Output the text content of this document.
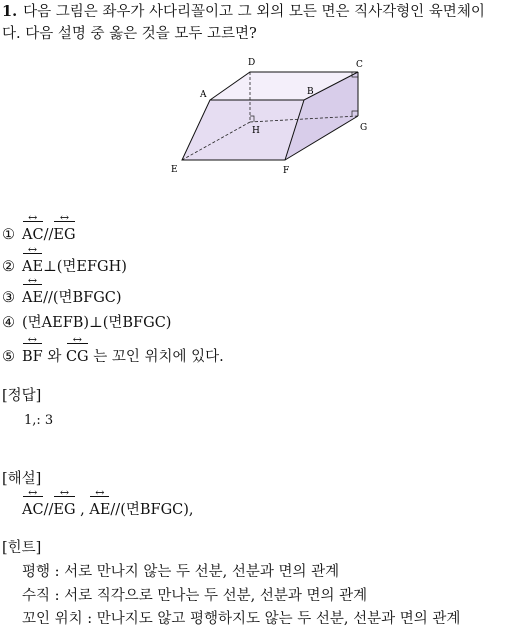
1. 다음 그림은 좌우가 사다리꼴이고 그 외의 모든 면은 직사각형인 육면체이
다. 다음 설명 중 옳은 것을 모두 고르면?
A
D	C
B
H	G
E	F
① AC ↔//EG ↔
② AE ↔⊥(면EFGH)
③ AE ↔//(면BFGC)
④ (면AEFB)⊥(면BFGC)
⑤ BF ↔ 와 CG ↔ 는 꼬인 위치에 있다.
[정답]
1,: 3
[해설]
AC ↔//EG ↔ , AE ↔//(면BFGC),
[힌트]
평행 : 서로 만나지 않는 두 선분, 선분과 면의 관계
수직 : 서로 직각으로 만나는 두 선분, 선분과 면의 관계
꼬인 위치 : 만나지도 않고 평행하지도 않는 두 선분, 선분과 면의 관계
